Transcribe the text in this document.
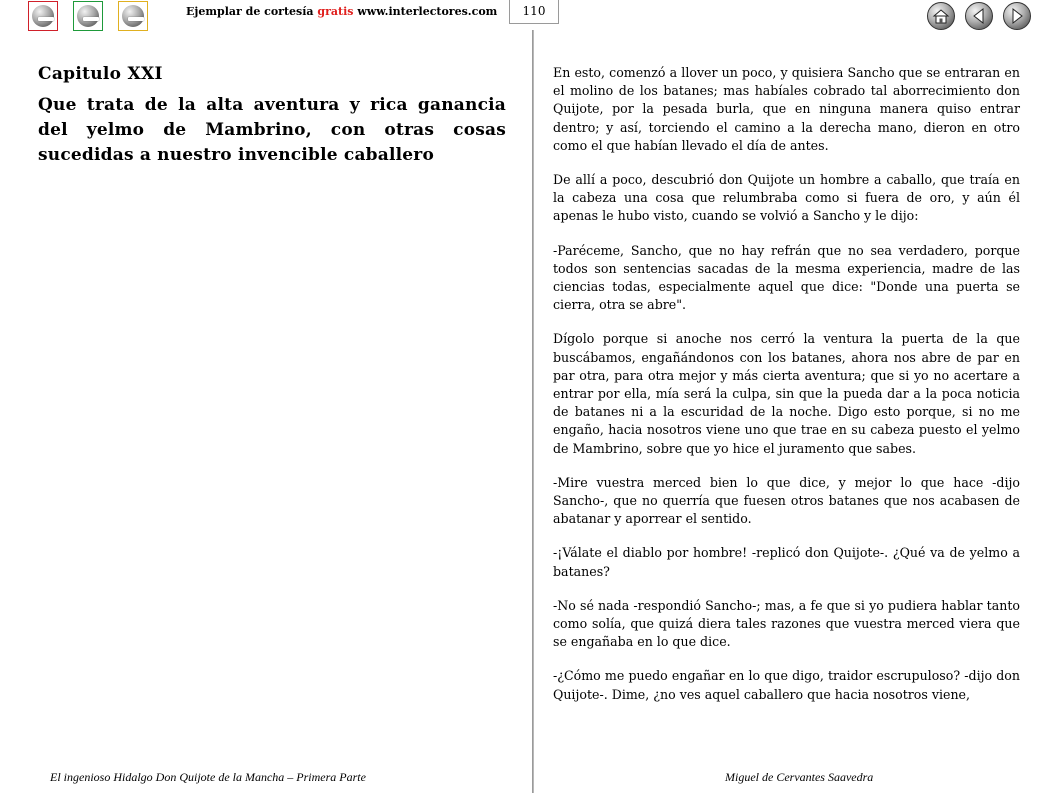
Ejemplar de cortesía gratis www.interlectores.com	110
Capitulo XXI
Que trata de la alta aventura y rica ganancia del yelmo de Mambrino, con otras cosas sucedidas a nuestro invencible caballero

En esto, comenzó a llover un poco, y quisiera Sancho que se entraran en el molino de los batanes; mas habíales cobrado tal aborrecimiento don Quijote, por la pesada burla, que en ninguna manera quiso entrar dentro; y así, torciendo el camino a la derecha mano, dieron en otro como el que habían llevado el día de antes.

De allí a poco, descubrió don Quijote un hombre a caballo, que traía en la cabeza una cosa que relumbraba como si fuera de oro, y aún él apenas le hubo visto, cuando se volvió a Sancho y le dijo:

-Paréceme, Sancho, que no hay refrán que no sea verdadero, porque todos son sentencias sacadas de la mesma experiencia, madre de las ciencias todas, especialmente aquel que dice: "Donde una puerta se cierra, otra se abre".

Dígolo porque si anoche nos cerró la ventura la puerta de la que buscábamos, engañándonos con los batanes, ahora nos abre de par en par otra, para otra mejor y más cierta aventura; que si yo no acertare a entrar por ella, mía será la culpa, sin que la pueda dar a la poca noticia de batanes ni a la escuridad de la noche. Digo esto porque, si no me engaño, hacia nosotros viene uno que trae en su cabeza puesto el yelmo de Mambrino, sobre que yo hice el juramento que sabes.

-Mire vuestra merced bien lo que dice, y mejor lo que hace -dijo Sancho-, que no querría que fuesen otros batanes que nos acabasen de abatanar y aporrear el sentido.

-¡Válate el diablo por hombre! -replicó don Quijote-. ¿Qué va de yelmo a batanes?

-No sé nada -respondió Sancho-; mas, a fe que si yo pudiera hablar tanto como solía, que quizá diera tales razones que vuestra merced viera que se engañaba en lo que dice.

-¿Cómo me puedo engañar en lo que digo, traidor escrupuloso? -dijo don Quijote-. Dime, ¿no ves aquel caballero que hacia nosotros viene,

El ingenioso Hidalgo Don Quijote de la Mancha – Primera Parte	Miguel de Cervantes Saavedra
